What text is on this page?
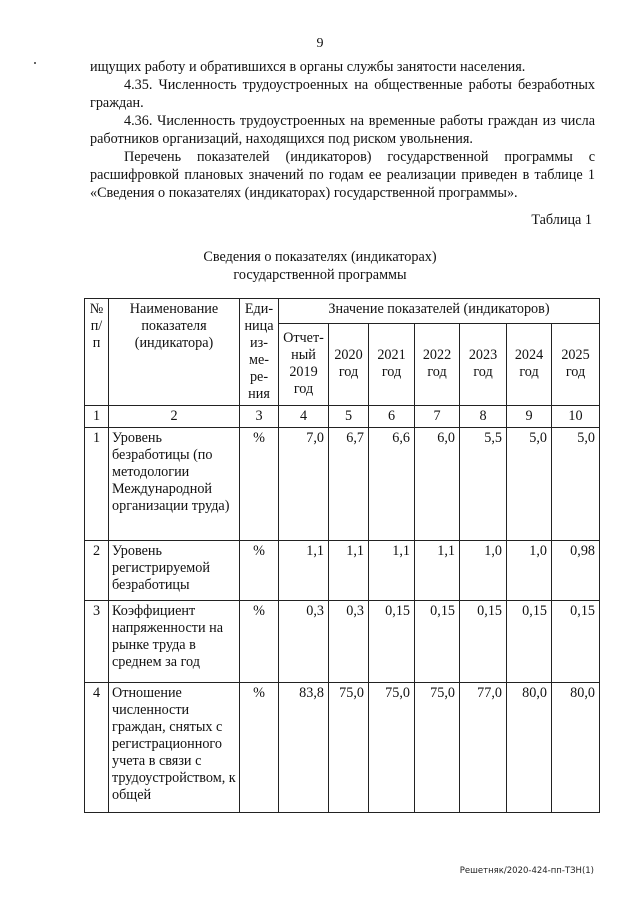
9

ищущих работу и обратившихся в органы службы занятости населения.

4.35. Численность трудоустроенных на общественные работы безработных граждан.

4.36. Численность трудоустроенных на временные работы граждан из числа работников организаций, находящихся под риском увольнения.

Перечень показателей (индикаторов) государственной программы с расшифровкой плановых значений по годам ее реализации приведен в таблице 1 «Сведения о показателях (индикаторах) государственной программы».

Таблица 1
Сведения о показателях (индикаторах)
государственной программы
№ п/п	Наименование показателя (индикатора)	Еди-ница из-ме-ре-ния	Значение показателей (индикаторов)						
			Отчет-ный 2019 год	2020 год	2021 год	2022 год	2023 год	2024 год	2025 год
1	2	3	4	5	6	7	8	9	10
1	Уровень безработицы (по методологии Международной организации труда)	%	7,0	6,7	6,6	6,0	5,5	5,0	5,0
2	Уровень регистрируемой безработицы	%	1,1	1,1	1,1	1,1	1,0	1,0	0,98
3	Коэффициент напряженности на рынке труда в среднем за год	%	0,3	0,3	0,15	0,15	0,15	0,15	0,15
4	Отношение численности граждан, снятых с регистрационного учета в связи с трудоустройством, к общей	%	83,8	75,0	75,0	75,0	77,0	80,0	80,0
Решетняк/2020-424-пп-ТЗН(1)
